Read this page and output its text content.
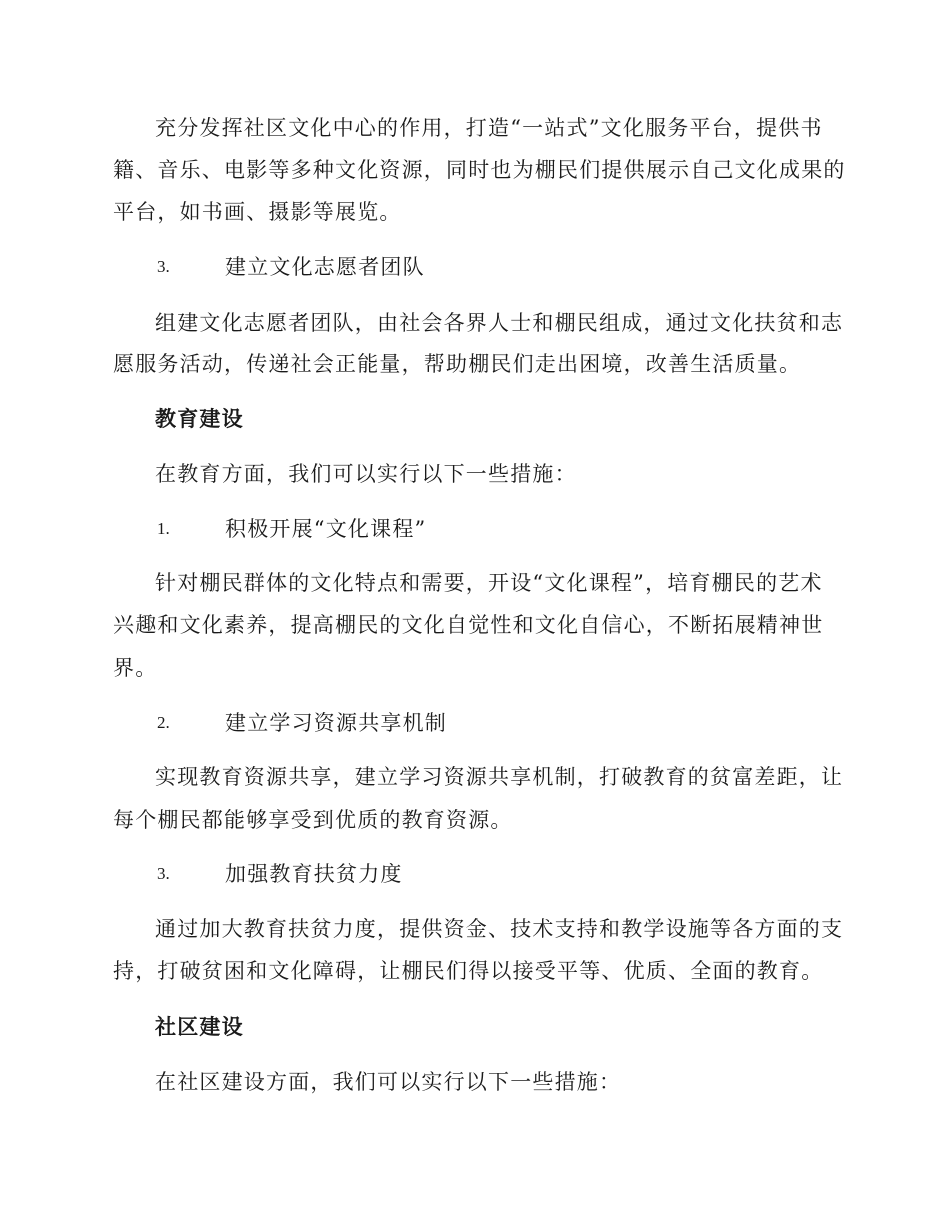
充分发挥社区文化中心的作用，打造“一站式”文化服务平台，提供书
籍、音乐、电影等多种文化资源，同时也为棚民们提供展示自己文化成果的
平台，如书画、摄影等展览。
3.	建立文化志愿者团队
组建文化志愿者团队，由社会各界人士和棚民组成，通过文化扶贫和志
愿服务活动，传递社会正能量，帮助棚民们走出困境，改善生活质量。
教育建设
在教育方面，我们可以实行以下一些措施：
1.	积极开展“文化课程”
针对棚民群体的文化特点和需要，开设“文化课程”，培育棚民的艺术
兴趣和文化素养，提高棚民的文化自觉性和文化自信心，不断拓展精神世
界。
2.	建立学习资源共享机制
实现教育资源共享，建立学习资源共享机制，打破教育的贫富差距，让
每个棚民都能够享受到优质的教育资源。
3.	加强教育扶贫力度
通过加大教育扶贫力度，提供资金、技术支持和教学设施等各方面的支
持，打破贫困和文化障碍，让棚民们得以接受平等、优质、全面的教育。
社区建设
在社区建设方面，我们可以实行以下一些措施：
